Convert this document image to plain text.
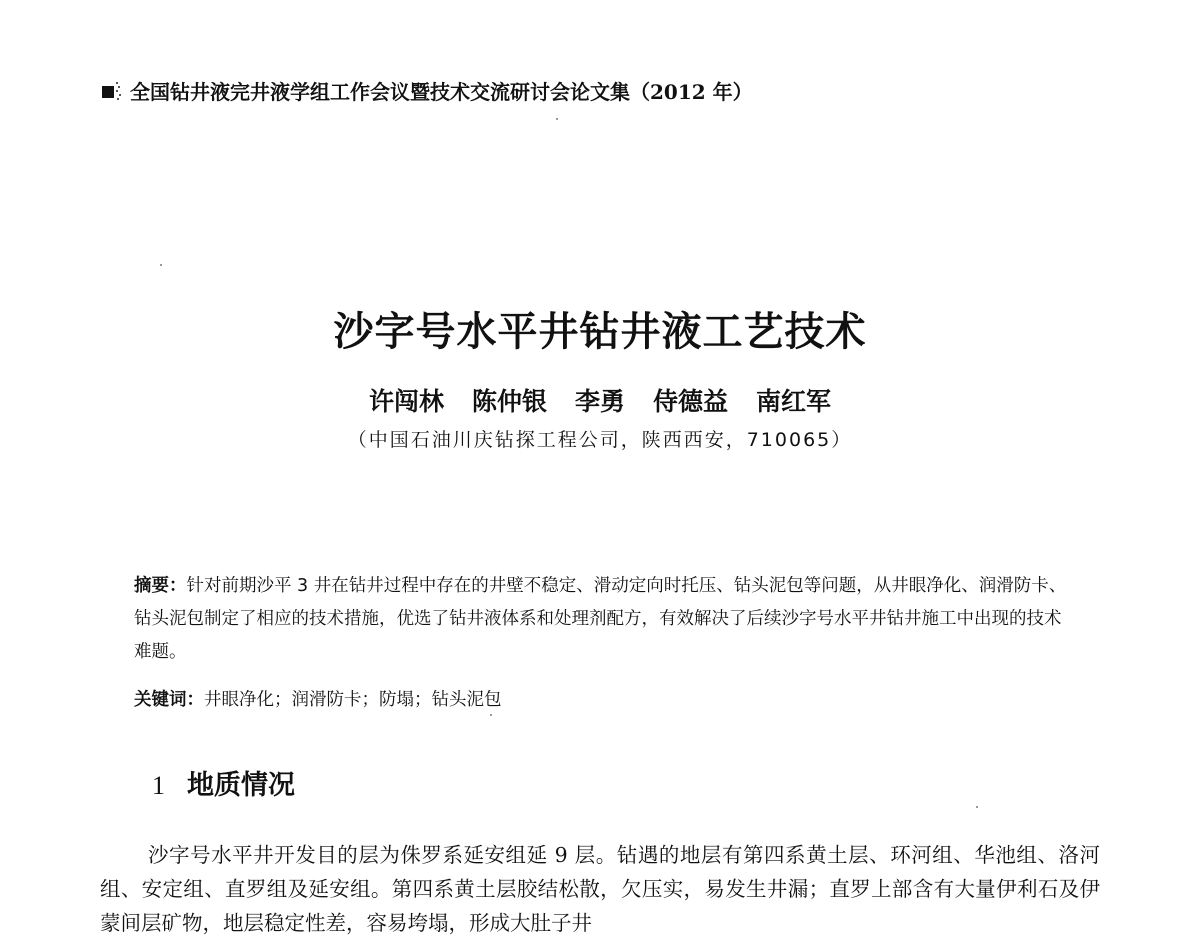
全国钻井液完井液学组工作会议暨技术交流研讨会论文集（2012 年）
沙字号水平井钻井液工艺技术
许闯林 陈仲银 李勇 侍德益 南红军
（中国石油川庆钻探工程公司，陕西西安，710065）
摘要：针对前期沙平 3 井在钻井过程中存在的井壁不稳定、滑动定向时托压、钻头泥包等问题，从井眼净化、润滑防卡、钻头泥包制定了相应的技术措施，优选了钻井液体系和处理剂配方，有效解决了后续沙字号水平井钻井施工中出现的技术难题。
关键词：井眼净化；润滑防卡；防塌；钻头泥包
1 地质情况
沙字号水平井开发目的层为侏罗系延安组延 9 层。钻遇的地层有第四系黄土层、环河组、华池组、洛河组、安定组、直罗组及延安组。第四系黄土层胶结松散，欠压实，易发生井漏；直罗上部含有大量伊利石及伊蒙间层矿物，地层稳定性差，容易垮塌，形成大肚子井
